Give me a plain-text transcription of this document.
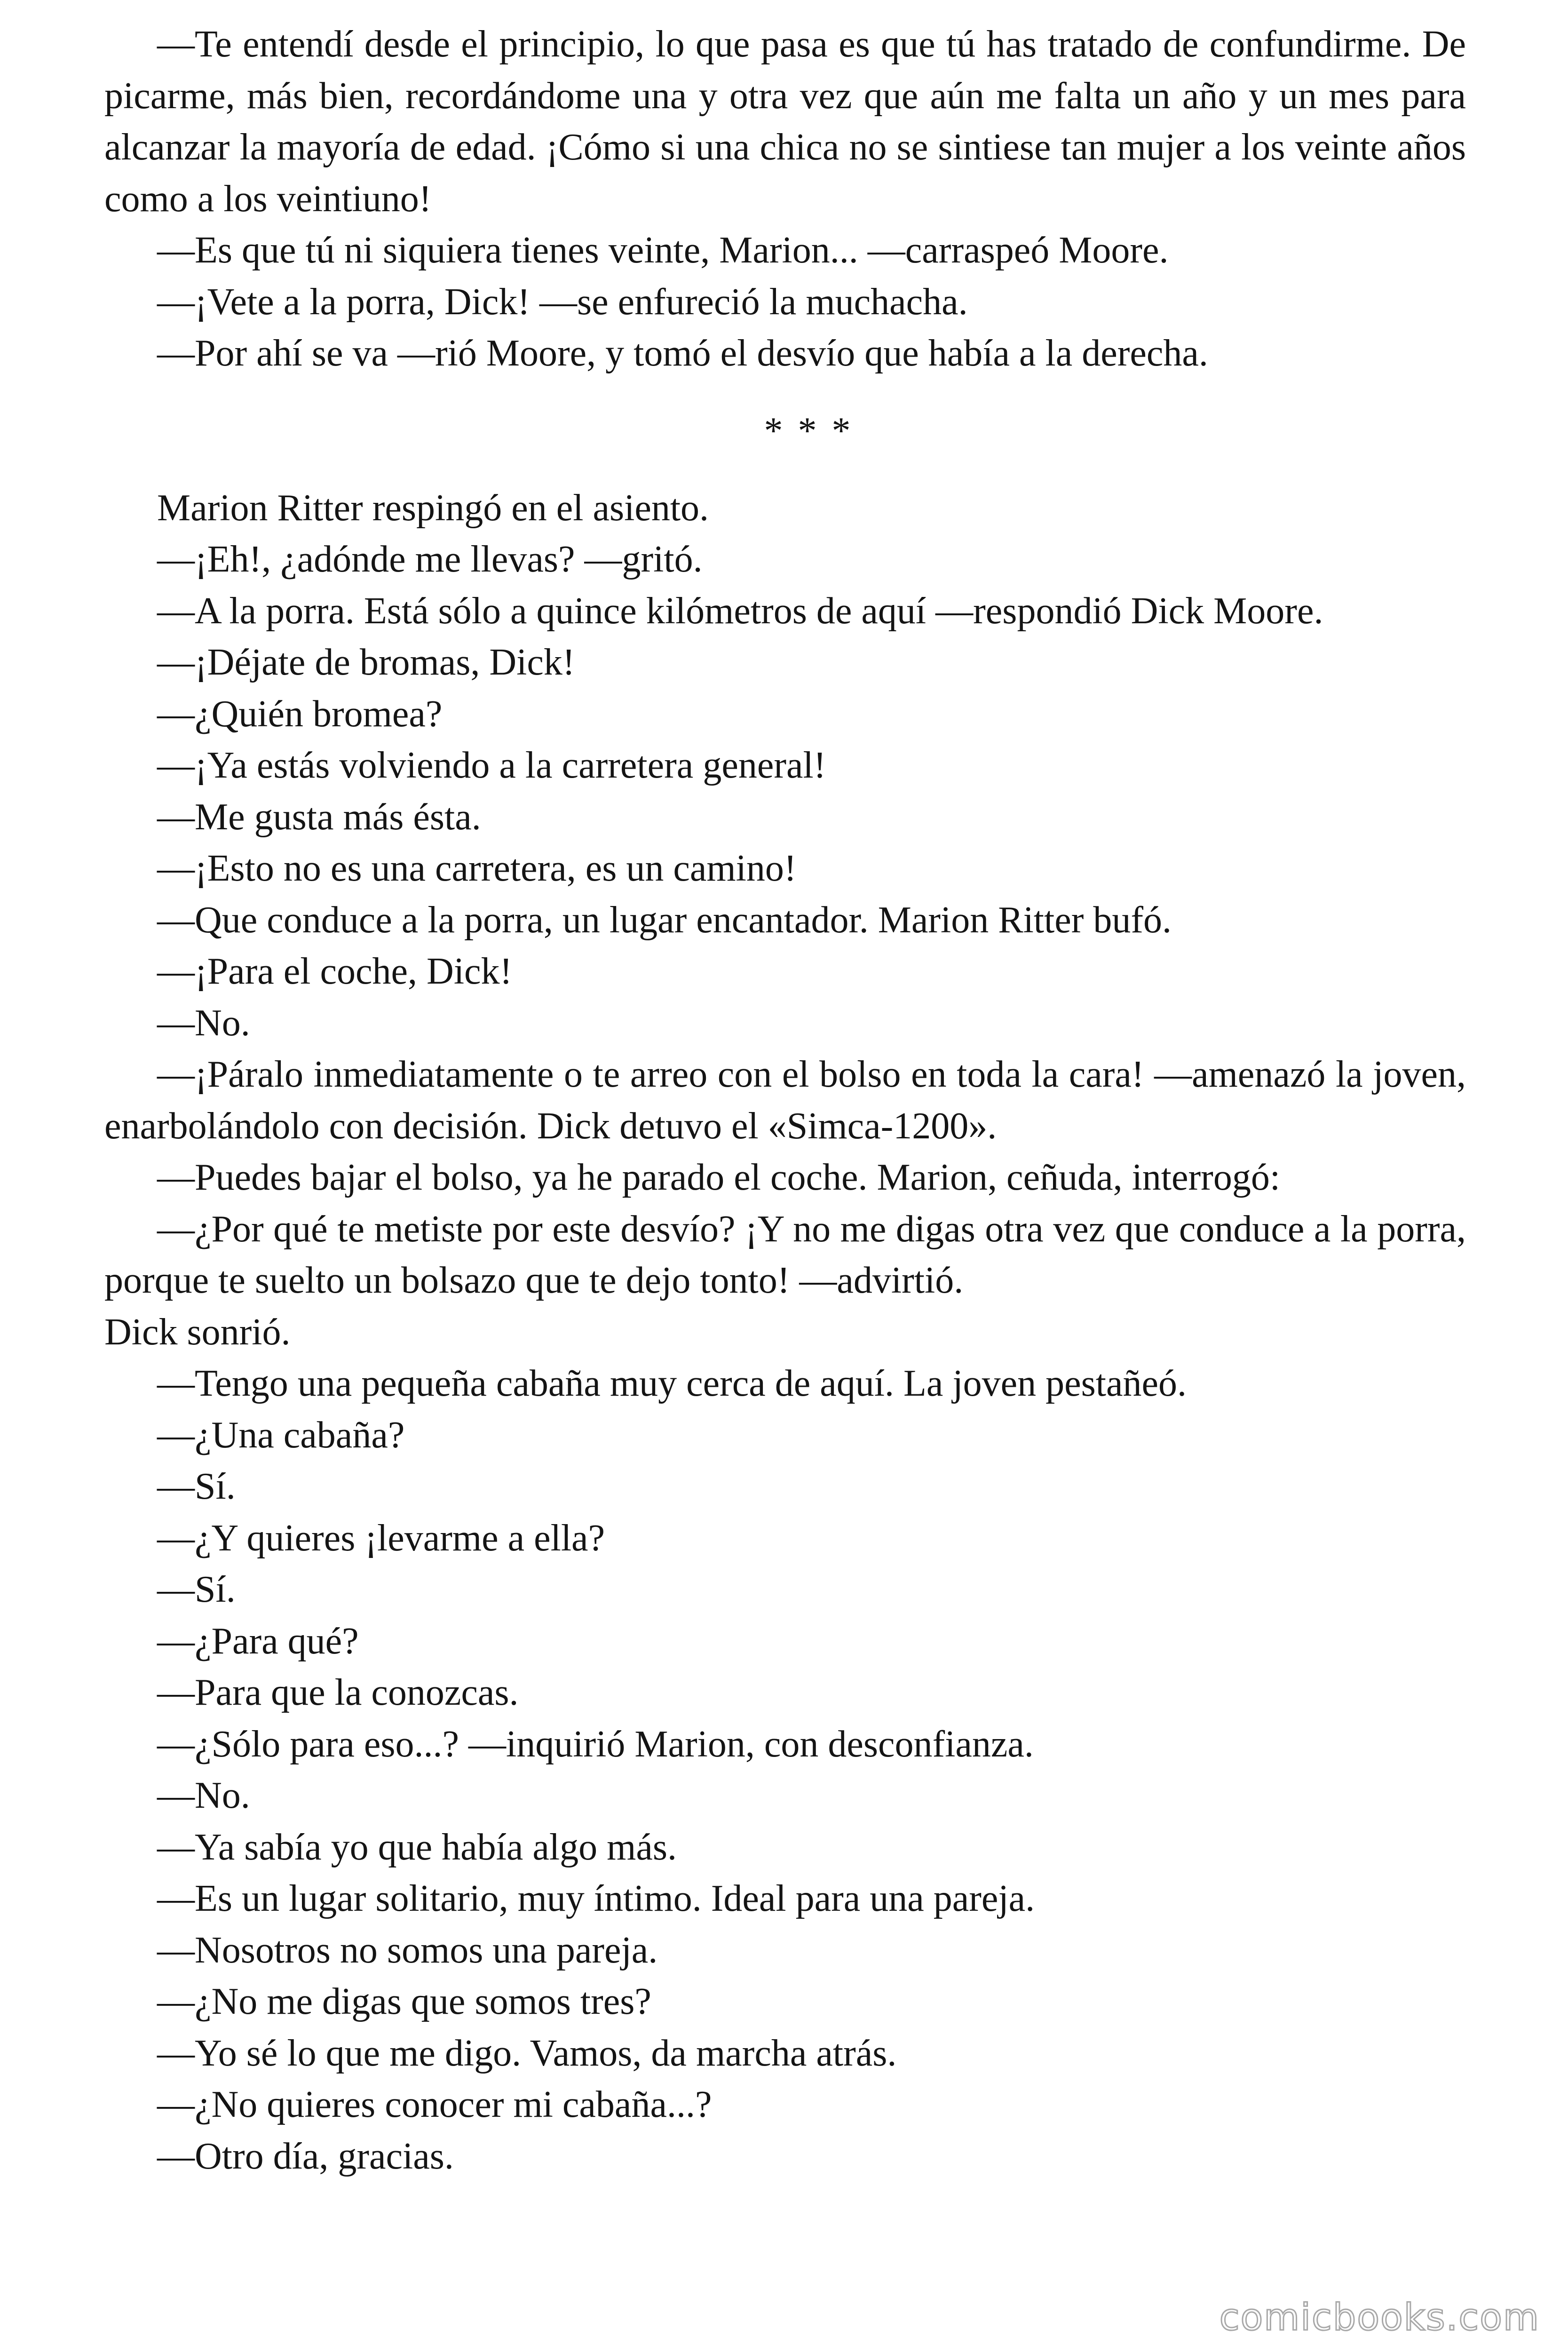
—Te entendí desde el principio, lo que pasa es que tú has tratado de confundirme. De picarme, más bien, recordándome una y otra vez que aún me falta un año y un mes para alcanzar la mayoría de edad. ¡Cómo si una chica no se sintiese tan mujer a los veinte años como a los veintiuno!

—Es que tú ni siquiera tienes veinte, Marion... —carraspeó Moore.

—¡Vete a la porra, Dick! —se enfureció la muchacha.

—Por ahí se va —rió Moore, y tomó el desvío que había a la derecha.

* * *

Marion Ritter respingó en el asiento.

—¡Eh!, ¿adónde me llevas? —gritó.

—A la porra. Está sólo a quince kilómetros de aquí —respondió Dick Moore.

—¡Déjate de bromas, Dick!

—¿Quién bromea?

—¡Ya estás volviendo a la carretera general!

—Me gusta más ésta.

—¡Esto no es una carretera, es un camino!

—Que conduce a la porra, un lugar encantador. Marion Ritter bufó.

—¡Para el coche, Dick!

—No.

—¡Páralo inmediatamente o te arreo con el bolso en toda la cara! —amenazó la joven, enarbolándolo con decisión. Dick detuvo el «Simca-1200».

—Puedes bajar el bolso, ya he parado el coche. Marion, ceñuda, interrogó:

—¿Por qué te metiste por este desvío? ¡Y no me digas otra vez que conduce a la porra, porque te suelto un bolsazo que te dejo tonto! —advirtió.

Dick sonrió.

—Tengo una pequeña cabaña muy cerca de aquí. La joven pestañeó.

—¿Una cabaña?

—Sí.

—¿Y quieres ¡levarme a ella?

—Sí.

—¿Para qué?

—Para que la conozcas.

—¿Sólo para eso...? —inquirió Marion, con desconfianza.

—No.

—Ya sabía yo que había algo más.

—Es un lugar solitario, muy íntimo. Ideal para una pareja.

—Nosotros no somos una pareja.

—¿No me digas que somos tres?

—Yo sé lo que me digo. Vamos, da marcha atrás.

—¿No quieres conocer mi cabaña...?

—Otro día, gracias.

comicbooks.com
